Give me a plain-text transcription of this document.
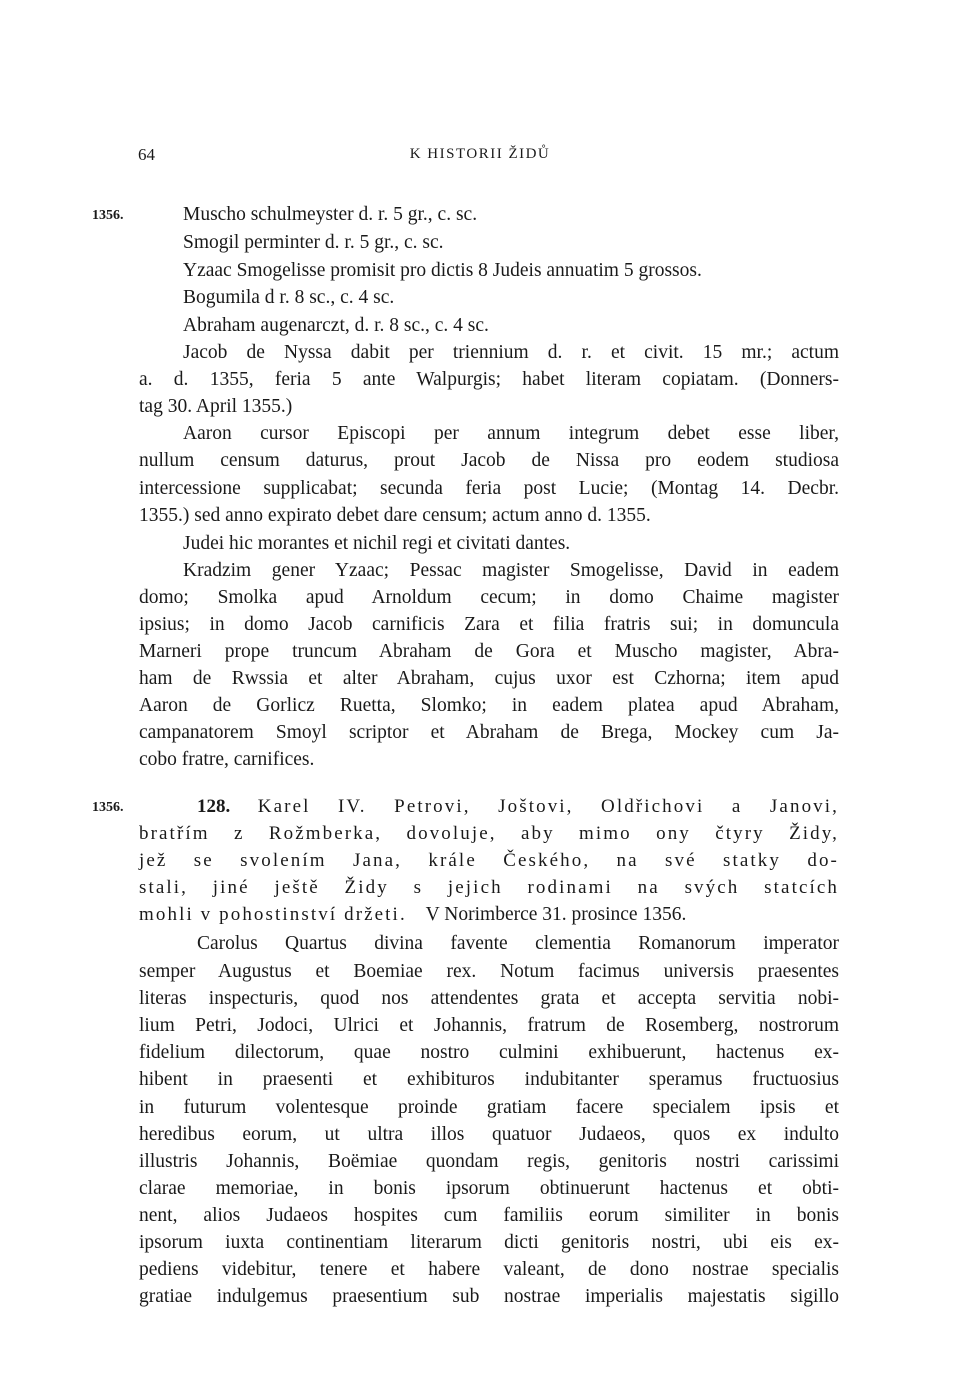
64	K HISTORII ŽIDŮ
1356.	Muscho schulmeyster d. r. 5 gr., c. sc.
Smogil perminter d. r. 5 gr., c. sc.
Yzaac Smogelisse promisit pro dictis 8 Judeis annuatim 5 grossos.
Bogumila d r. 8 sc., c. 4 sc.
Abraham augenarczt, d. r. 8 sc., c. 4 sc.
Jacob de Nyssa dabit per triennium d. r. et civit. 15 mr.; actum
a. d. 1355, feria 5 ante Walpurgis; habet literam copiatam. (Donners-
tag 30. April 1355.)
Aaron cursor Episcopi per annum integrum debet esse liber,
nullum censum daturus, prout Jacob de Nissa pro eodem studiosa
intercessione supplicabat; secunda feria post Lucie; (Montag 14. Decbr.
1355.) sed anno expirato debet dare censum; actum anno d. 1355.
Judei hic morantes et nichil regi et civitati dantes.
Kradzim gener Yzaac; Pessac magister Smogelisse, David in eadem
domo; Smolka apud Arnoldum cecum; in domo Chaime magister
ipsius; in domo Jacob carnificis Zara et filia fratris sui; in domuncula
Marneri prope truncum Abraham de Gora et Muscho magister, Abra-
ham de Rwssia et alter Abraham, cujus uxor est Czhorna; item apud
Aaron de Gorlicz Ruetta, Slomko; in eadem platea apud Abraham,
campanatorem Smoyl scriptor et Abraham de Brega, Mockey cum Ja-
cobo fratre, carnifices.
1356.	128. Karel IV. Petrovi, Joštovi, Oldřichovi a Janovi,
bratřím z Rožmberka, dovoluje, aby mimo ony čtyry Židy,
jež se svolením Jana, krále Českého, na své statky do-
stali, jiné ještě Židy s jejich rodinami na svých statcích
mohli v pohostinství držeti. V Norimberce 31. prosince 1356.
Carolus Quartus divina favente clementia Romanorum imperator
semper Augustus et Boemiae rex. Notum facimus universis praesentes
literas inspecturis, quod nos attendentes grata et accepta servitia nobi-
lium Petri, Jodoci, Ulrici et Johannis, fratrum de Rosemberg, nostrorum
fidelium dilectorum, quae nostro culmini exhibuerunt, hactenus ex-
hibent in praesenti et exhibituros indubitanter speramus fructuosius
in futurum volentesque proinde gratiam facere specialem ipsis et
heredibus eorum, ut ultra illos quatuor Judaeos, quos ex indulto
illustris Johannis, Boëmiae quondam regis, genitoris nostri carissimi
clarae memoriae, in bonis ipsorum obtinuerunt hactenus et obti-
nent, alios Judaeos hospites cum familiis eorum similiter in bonis
ipsorum iuxta continentiam literarum dicti genitoris nostri, ubi eis ex-
pediens videbitur, tenere et habere valeant, de dono nostrae specialis
gratiae indulgemus praesentium sub nostrae imperialis majestatis sigillo
